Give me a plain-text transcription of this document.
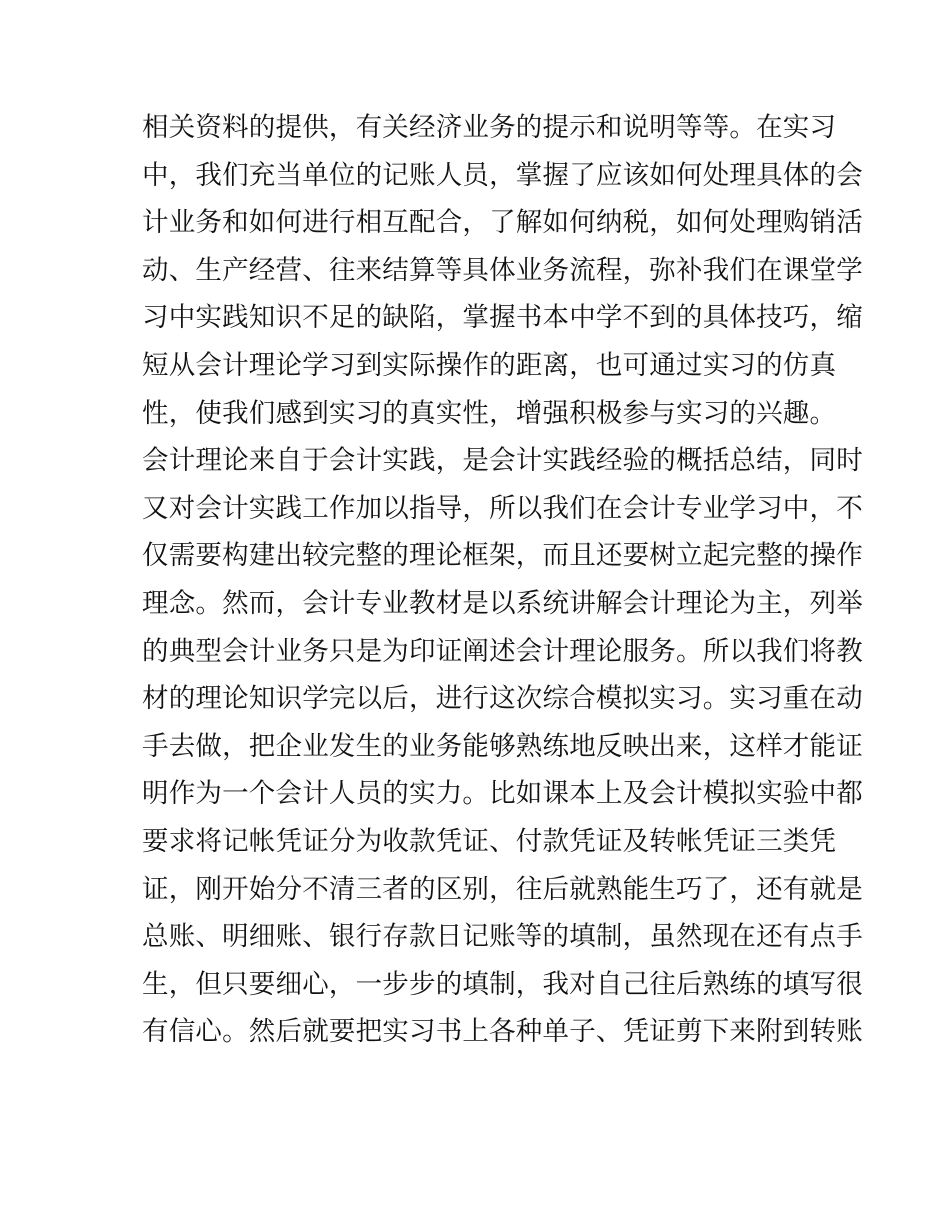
相关资料的提供，有关经济业务的提示和说明等等。在实习
中，我们充当单位的记账人员，掌握了应该如何处理具体的会
计业务和如何进行相互配合，了解如何纳税，如何处理购销活
动、生产经营、往来结算等具体业务流程，弥补我们在课堂学
习中实践知识不足的缺陷，掌握书本中学不到的具体技巧，缩
短从会计理论学习到实际操作的距离，也可通过实习的仿真
性，使我们感到实习的真实性，增强积极参与实习的兴趣。
会计理论来自于会计实践，是会计实践经验的概括总结，同时
又对会计实践工作加以指导，所以我们在会计专业学习中，不
仅需要构建出较完整的理论框架，而且还要树立起完整的操作
理念。然而，会计专业教材是以系统讲解会计理论为主，列举
的典型会计业务只是为印证阐述会计理论服务。所以我们将教
材的理论知识学完以后，进行这次综合模拟实习。实习重在动
手去做，把企业发生的业务能够熟练地反映出来，这样才能证
明作为一个会计人员的实力。比如课本上及会计模拟实验中都
要求将记帐凭证分为收款凭证、付款凭证及转帐凭证三类凭
证，刚开始分不清三者的区别，往后就熟能生巧了，还有就是
总账、明细账、银行存款日记账等的填制，虽然现在还有点手
生，但只要细心，一步步的填制，我对自己往后熟练的填写很
有信心。然后就要把实习书上各种单子、凭证剪下来附到转账
